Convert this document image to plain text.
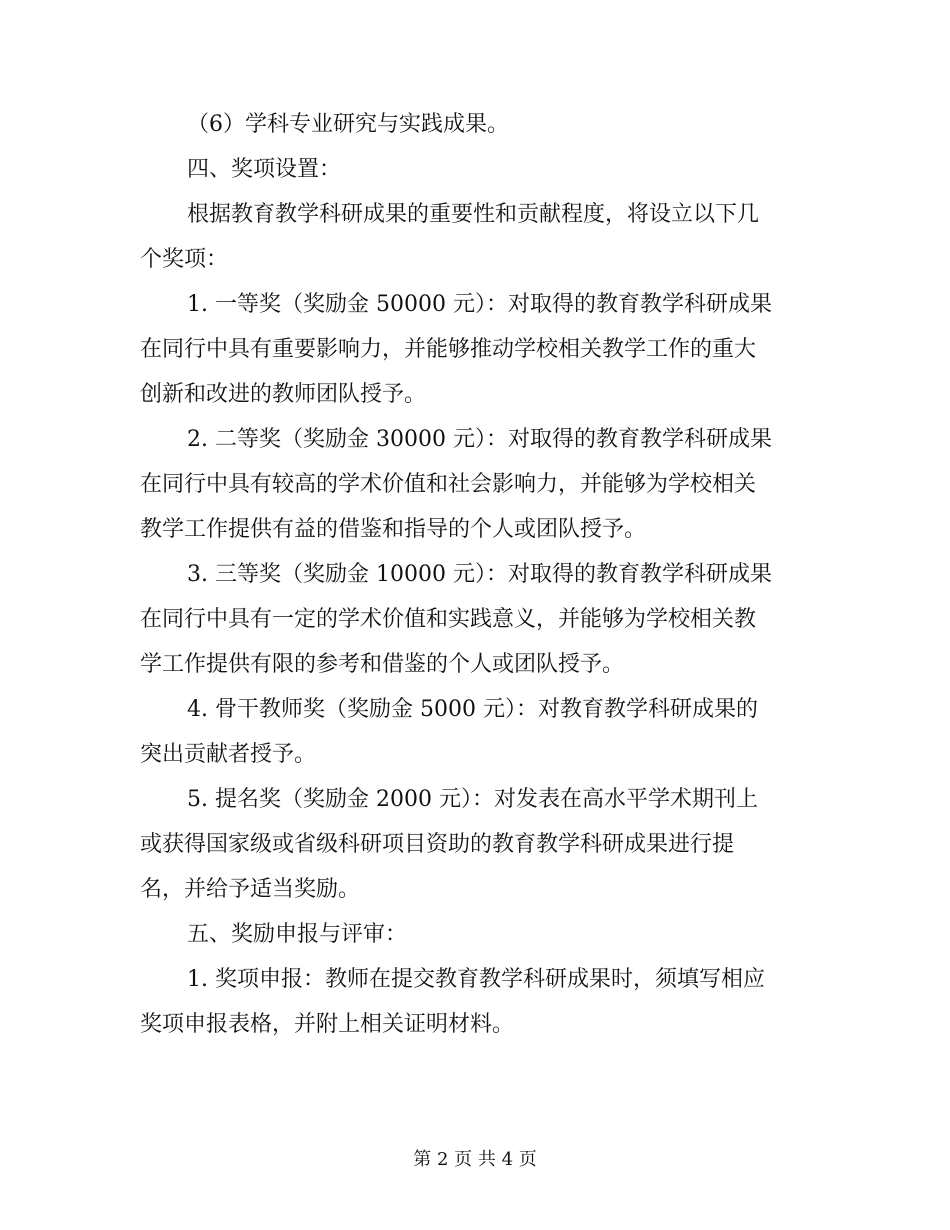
（6）学科专业研究与实践成果。
四、奖项设置：
根据教育教学科研成果的重要性和贡献程度，将设立以下几
个奖项：
1. 一等奖（奖励金 50000 元）：对取得的教育教学科研成果
在同行中具有重要影响力，并能够推动学校相关教学工作的重大
创新和改进的教师团队授予。
2. 二等奖（奖励金 30000 元）：对取得的教育教学科研成果
在同行中具有较高的学术价值和社会影响力，并能够为学校相关
教学工作提供有益的借鉴和指导的个人或团队授予。
3. 三等奖（奖励金 10000 元）：对取得的教育教学科研成果
在同行中具有一定的学术价值和实践意义，并能够为学校相关教
学工作提供有限的参考和借鉴的个人或团队授予。
4. 骨干教师奖（奖励金 5000 元）：对教育教学科研成果的
突出贡献者授予。
5. 提名奖（奖励金 2000 元）：对发表在高水平学术期刊上
或获得国家级或省级科研项目资助的教育教学科研成果进行提
名，并给予适当奖励。
五、奖励申报与评审：
1. 奖项申报：教师在提交教育教学科研成果时，须填写相应
奖项申报表格，并附上相关证明材料。
第 2 页 共 4 页
